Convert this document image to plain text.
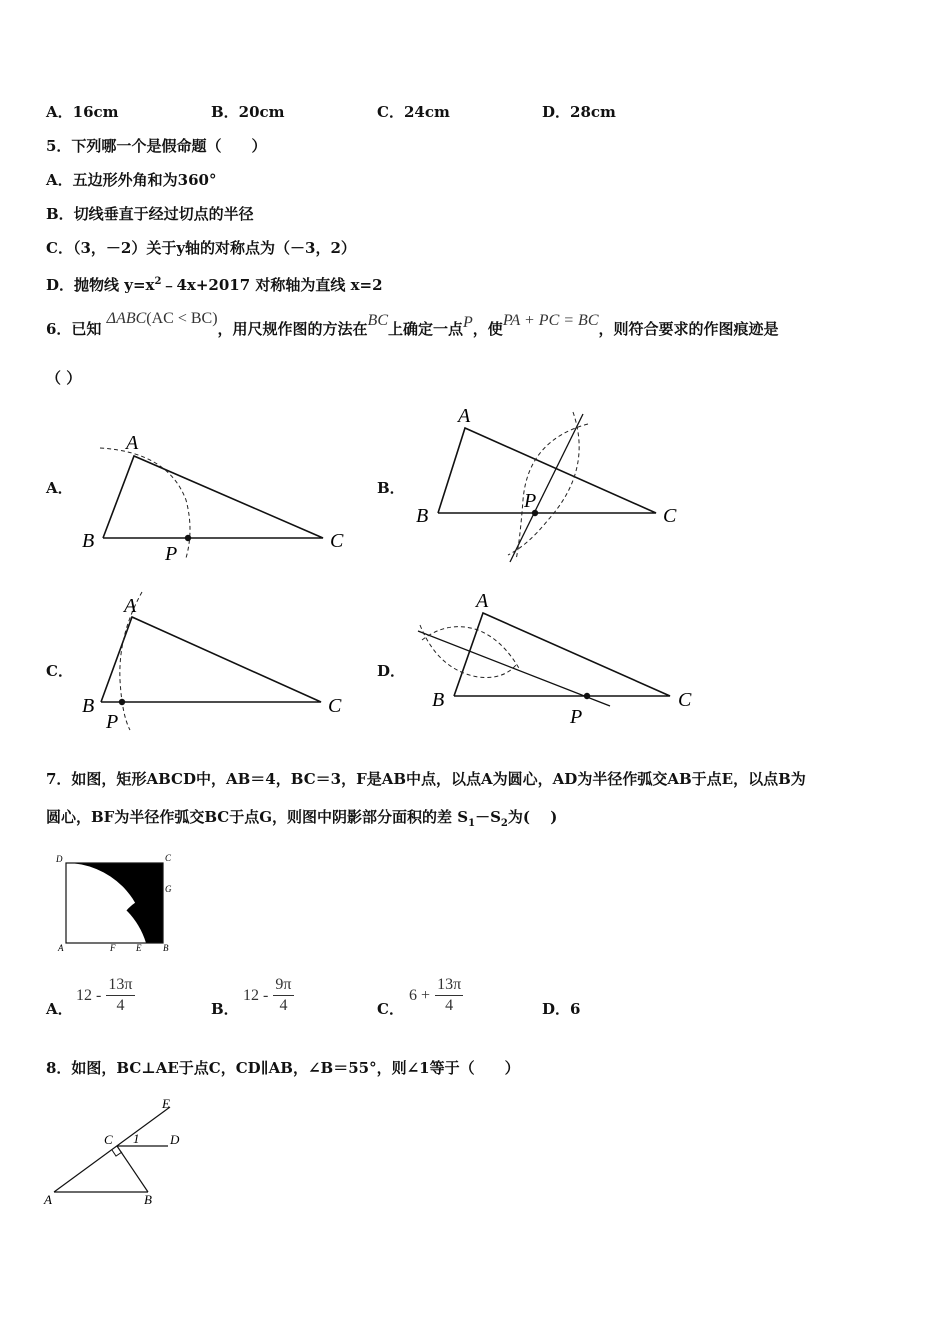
A．16cm	B．20cm	C．24cm	D．28cm
5．下列哪一个是假命题（　　）
A．五边形外角和为360°
B．切线垂直于经过切点的半径
C．（3，－2）关于y轴的对称点为（－3，2）
D．抛物线 $y=x^2﹣4x+2017$ 对称轴为直线 x=2
6．已知 ΔABC(AC < BC)，用尺规作图的方法在BC上确定一点P，使PA + PC = BC，则符合要求的作图痕迹是
（ ）
A．	B．
C．	D．
A
B	C
P
A
B	C
P
A
B	C
P
A
B	C
P
7．如图，矩形ABCD中，AB＝4，BC＝3，F是AB中点，以点A为圆心，AD为半径作弧交AB于点E，以点B为
圆心，BF为半径作弧交BC于点G，则图中阴影部分面积的差 $S_1-S_2$为(　 )
D	C
G
A	F E B
A．
$12 - \frac{13\pi}{4}$	B．
$12 - \frac{9\pi}{4}$	C．
$6 + \frac{13\pi}{4}$	D．6
8．如图，BC⊥AE于点C，CD∥AB，∠B＝55°，则∠1等于（　　）
E
C 1 D
A	B
